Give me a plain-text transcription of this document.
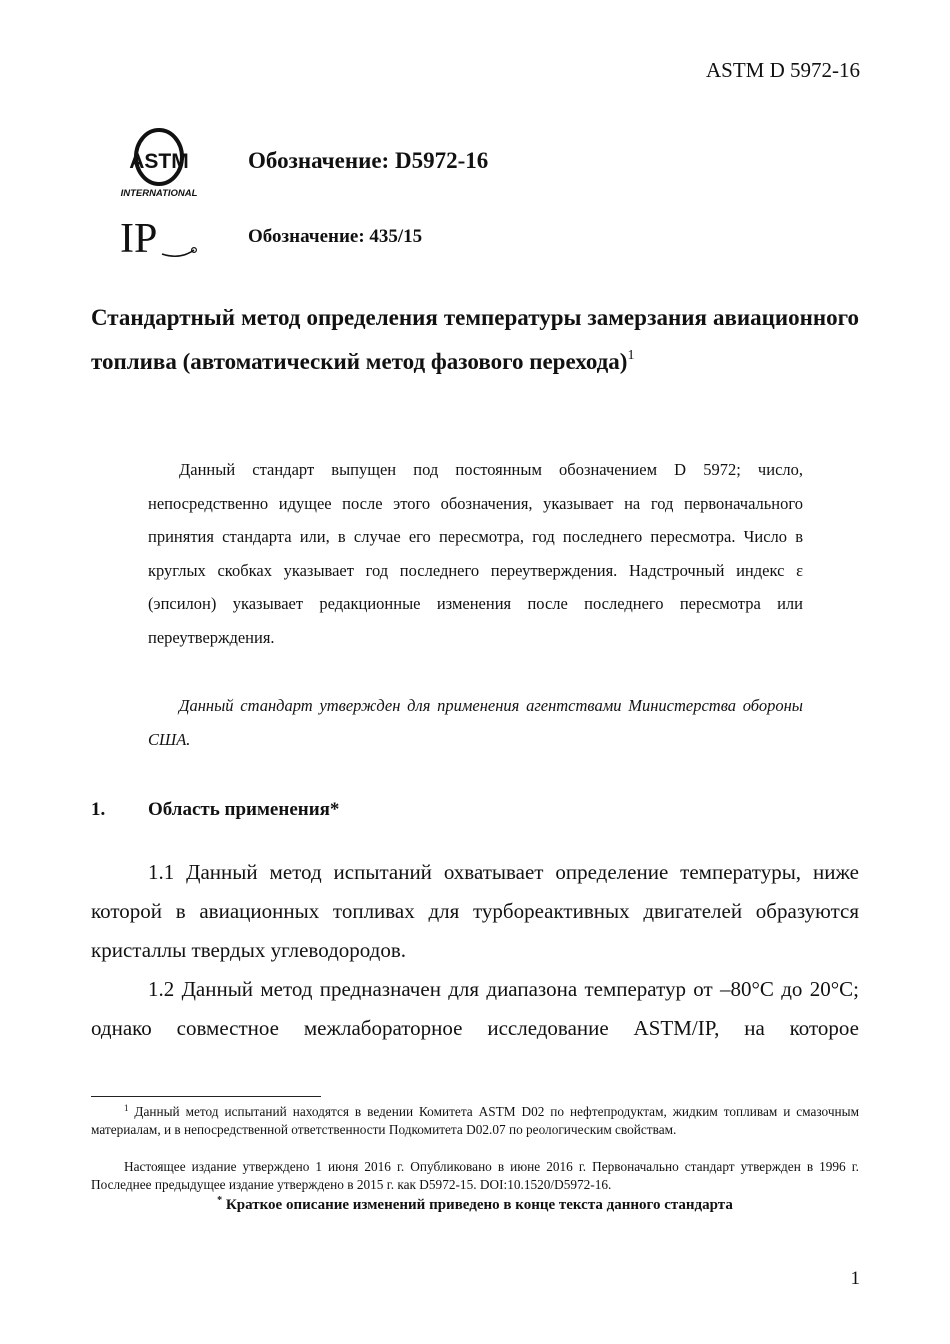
ASTM D 5972-16
ASTM
INTERNATIONAL
IP
Обозначение: D5972-16
Обозначение: 435/15
Стандартный метод определения температуры замерзания авиационного топлива (автоматический метод фазового перехода)$^1$
Данный стандарт выпущен под постоянным обозначением D 5972; число, непосредственно идущее после этого обозначения, указывает на год первоначального принятия стандарта или, в случае его пересмотра, год последнего пересмотра. Число в круглых скобках указывает год последнего переутверждения. Надстрочный индекс ε (эпсилон) указывает редакционные изменения после последнего пересмотра или переутверждения.
Данный стандарт утвержден для применения агентствами Министерства обороны США.
1. Область применения*
1.1 Данный метод испытаний охватывает определение температуры, ниже которой в авиационных топливах для турбореактивных двигателей образуются кристаллы твердых углеводородов.
1.2 Данный метод предназначен для диапазона температур от –80°C до 20°C; однако совместное межлабораторное исследование ASTM/IP, на которое
$^1$ Данный метод испытаний находятся в ведении Комитета ASTM D02 по нефтепродуктам, жидким топливам и смазочным материалам, и в непосредственной ответственности Подкомитета D02.07 по реологическим свойствам.
Настоящее издание утверждено 1 июня 2016 г. Опубликовано в июне 2016 г. Первоначально стандарт утвержден в 1996 г. Последнее предыдущее издание утверждено в 2015 г. как D5972-15. DOI:10.1520/D5972-16.
* Краткое описание изменений приведено в конце текста данного стандарта
1
